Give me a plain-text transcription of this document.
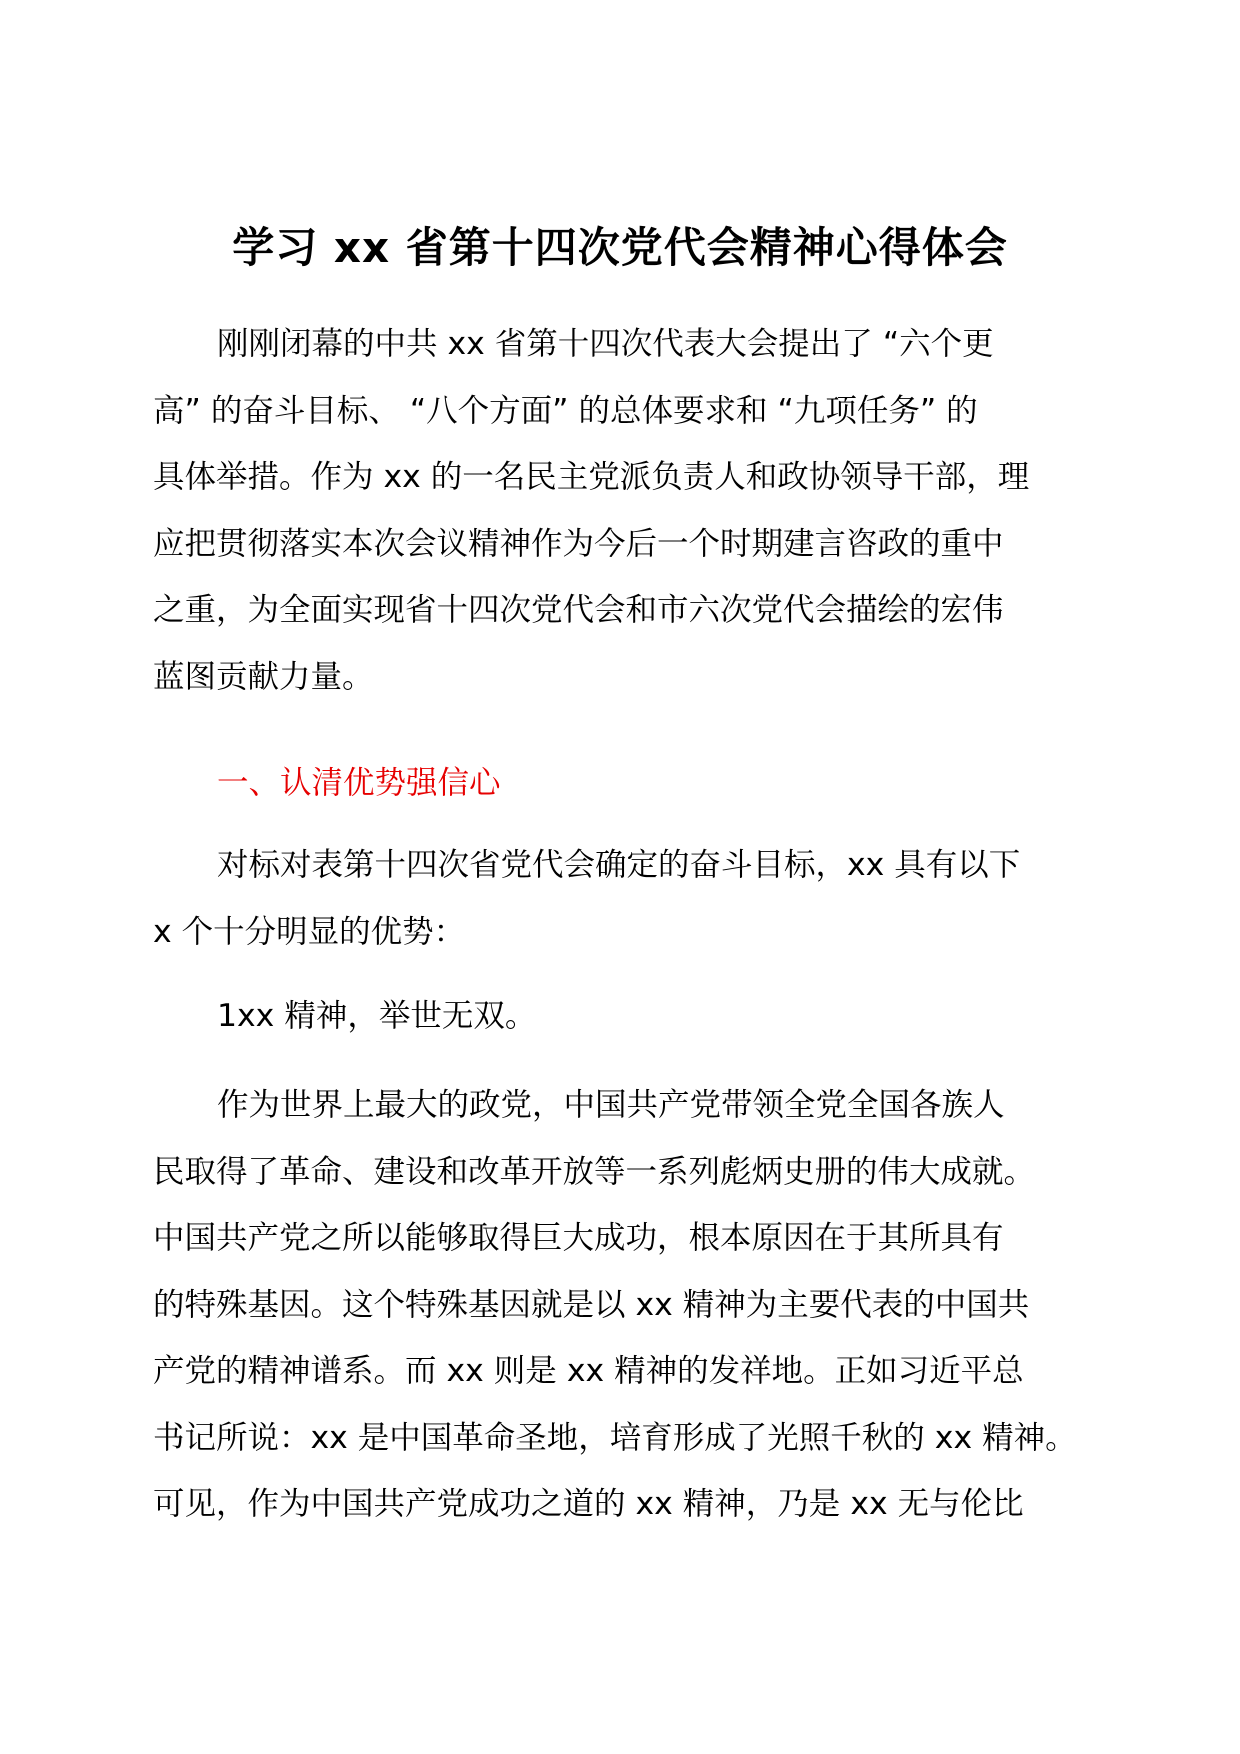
学习 xx 省第十四次党代会精神心得体会

刚刚闭幕的中共 xx 省第十四次代表大会提出了 “六个更
高” 的奋斗目标、 “八个方面” 的总体要求和 “九项任务” 的
具体举措。作为 xx 的一名民主党派负责人和政协领导干部，理
应把贯彻落实本次会议精神作为今后一个时期建言咨政的重中
之重，为全面实现省十四次党代会和市六次党代会描绘的宏伟
蓝图贡献力量。

一、认清优势强信心

对标对表第十四次省党代会确定的奋斗目标，xx 具有以下
x 个十分明显的优势：

1xx 精神，举世无双。

作为世界上最大的政党，中国共产党带领全党全国各族人
民取得了革命、建设和改革开放等一系列彪炳史册的伟大成就。
中国共产党之所以能够取得巨大成功，根本原因在于其所具有
的特殊基因。这个特殊基因就是以 xx 精神为主要代表的中国共
产党的精神谱系。而 xx 则是 xx 精神的发祥地。正如习近平总
书记所说：xx 是中国革命圣地，培育形成了光照千秋的 xx 精神。
可见，作为中国共产党成功之道的 xx 精神，乃是 xx 无与伦比
